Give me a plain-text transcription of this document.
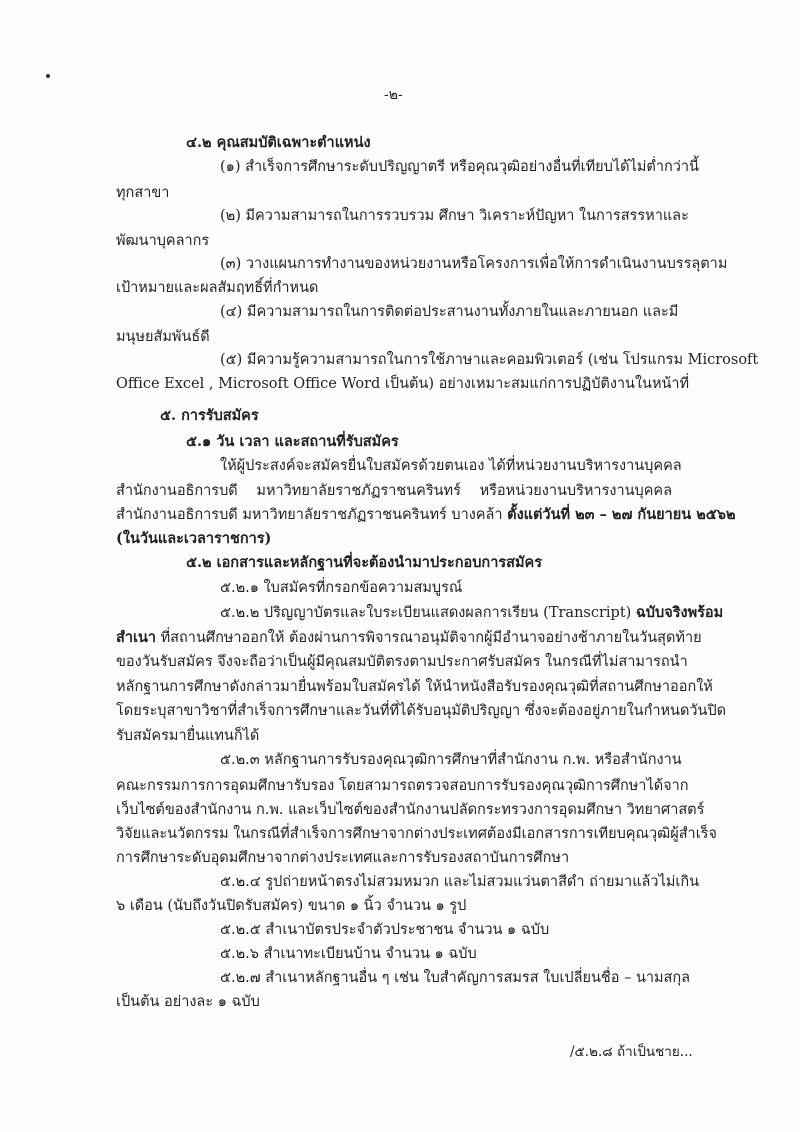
-๒-
๔.๒ คุณสมบัติเฉพาะตำแหน่ง
(๑) สำเร็จการศึกษาระดับปริญญาตรี หรือคุณวุฒิอย่างอื่นที่เทียบได้ไม่ต่ำกว่านี้
ทุกสาขา
(๒) มีความสามารถในการรวบรวม ศึกษา วิเคราะห์ปัญหา ในการสรรหาและ
พัฒนาบุคลากร
(๓) วางแผนการทำงานของหน่วยงานหรือโครงการเพื่อให้การดำเนินงานบรรลุตาม
เป้าหมายและผลสัมฤทธิ์ที่กำหนด
(๔) มีความสามารถในการติดต่อประสานงานทั้งภายในและภายนอก และมี
มนุษยสัมพันธ์ดี
(๕) มีความรู้ความสามารถในการใช้ภาษาและคอมพิวเตอร์ (เช่น โปรแกรม Microsoft
Office Excel , Microsoft Office Word เป็นต้น) อย่างเหมาะสมแก่การปฏิบัติงานในหน้าที่
๕. การรับสมัคร
๕.๑ วัน เวลา และสถานที่รับสมัคร
ให้ผู้ประสงค์จะสมัครยื่นใบสมัครด้วยตนเอง ได้ที่หน่วยงานบริหารงานบุคคล
สำนักงานอธิการบดี มหาวิทยาลัยราชภัฏราชนครินทร์ หรือหน่วยงานบริหารงานบุคคล
สำนักงานอธิการบดี มหาวิทยาลัยราชภัฏราชนครินทร์ บางคล้า ตั้งแต่วันที่ ๒๓ – ๒๗ กันยายน ๒๕๖๒
(ในวันและเวลาราชการ)
๕.๒ เอกสารและหลักฐานที่จะต้องนำมาประกอบการสมัคร
๕.๒.๑ ใบสมัครที่กรอกข้อความสมบูรณ์
๕.๒.๒ ปริญญาบัตรและใบระเบียนแสดงผลการเรียน (Transcript) ฉบับจริงพร้อม
สำเนา ที่สถานศึกษาออกให้ ต้องผ่านการพิจารณาอนุมัติจากผู้มีอำนาจอย่างช้าภายในวันสุดท้าย
ของวันรับสมัคร จึงจะถือว่าเป็นผู้มีคุณสมบัติตรงตามประกาศรับสมัคร ในกรณีที่ไม่สามารถนำ
หลักฐานการศึกษาดังกล่าวมายื่นพร้อมใบสมัครได้ ให้นำหนังสือรับรองคุณวุฒิที่สถานศึกษาออกให้
โดยระบุสาขาวิชาที่สำเร็จการศึกษาและวันที่ที่ได้รับอนุมัติปริญญา ซึ่งจะต้องอยู่ภายในกำหนดวันปิด
รับสมัครมายื่นแทนก็ได้
๕.๒.๓ หลักฐานการรับรองคุณวุฒิการศึกษาที่สำนักงาน ก.พ. หรือสำนักงาน
คณะกรรมการการอุดมศึกษารับรอง โดยสามารถตรวจสอบการรับรองคุณวุฒิการศึกษาได้จาก
เว็บไซต์ของสำนักงาน ก.พ. และเว็บไซต์ของสำนักงานปลัดกระทรวงการอุดมศึกษา วิทยาศาสตร์
วิจัยและนวัตกรรม ในกรณีที่สำเร็จการศึกษาจากต่างประเทศต้องมีเอกสารการเทียบคุณวุฒิผู้สำเร็จ
การศึกษาระดับอุดมศึกษาจากต่างประเทศและการรับรองสถาบันการศึกษา
๕.๒.๔ รูปถ่ายหน้าตรงไม่สวมหมวก และไม่สวมแว่นตาสีดำ ถ่ายมาแล้วไม่เกิน
๖ เดือน (นับถึงวันปิดรับสมัคร) ขนาด ๑ นิ้ว จำนวน ๑ รูป
๕.๒.๕ สำเนาบัตรประจำตัวประชาชน จำนวน ๑ ฉบับ
๕.๒.๖ สำเนาทะเบียนบ้าน จำนวน ๑ ฉบับ
๕.๒.๗ สำเนาหลักฐานอื่น ๆ เช่น ใบสำคัญการสมรส ใบเปลี่ยนชื่อ – นามสกุล
เป็นต้น อย่างละ ๑ ฉบับ
/๕.๒.๘ ถ้าเป็นชาย...
